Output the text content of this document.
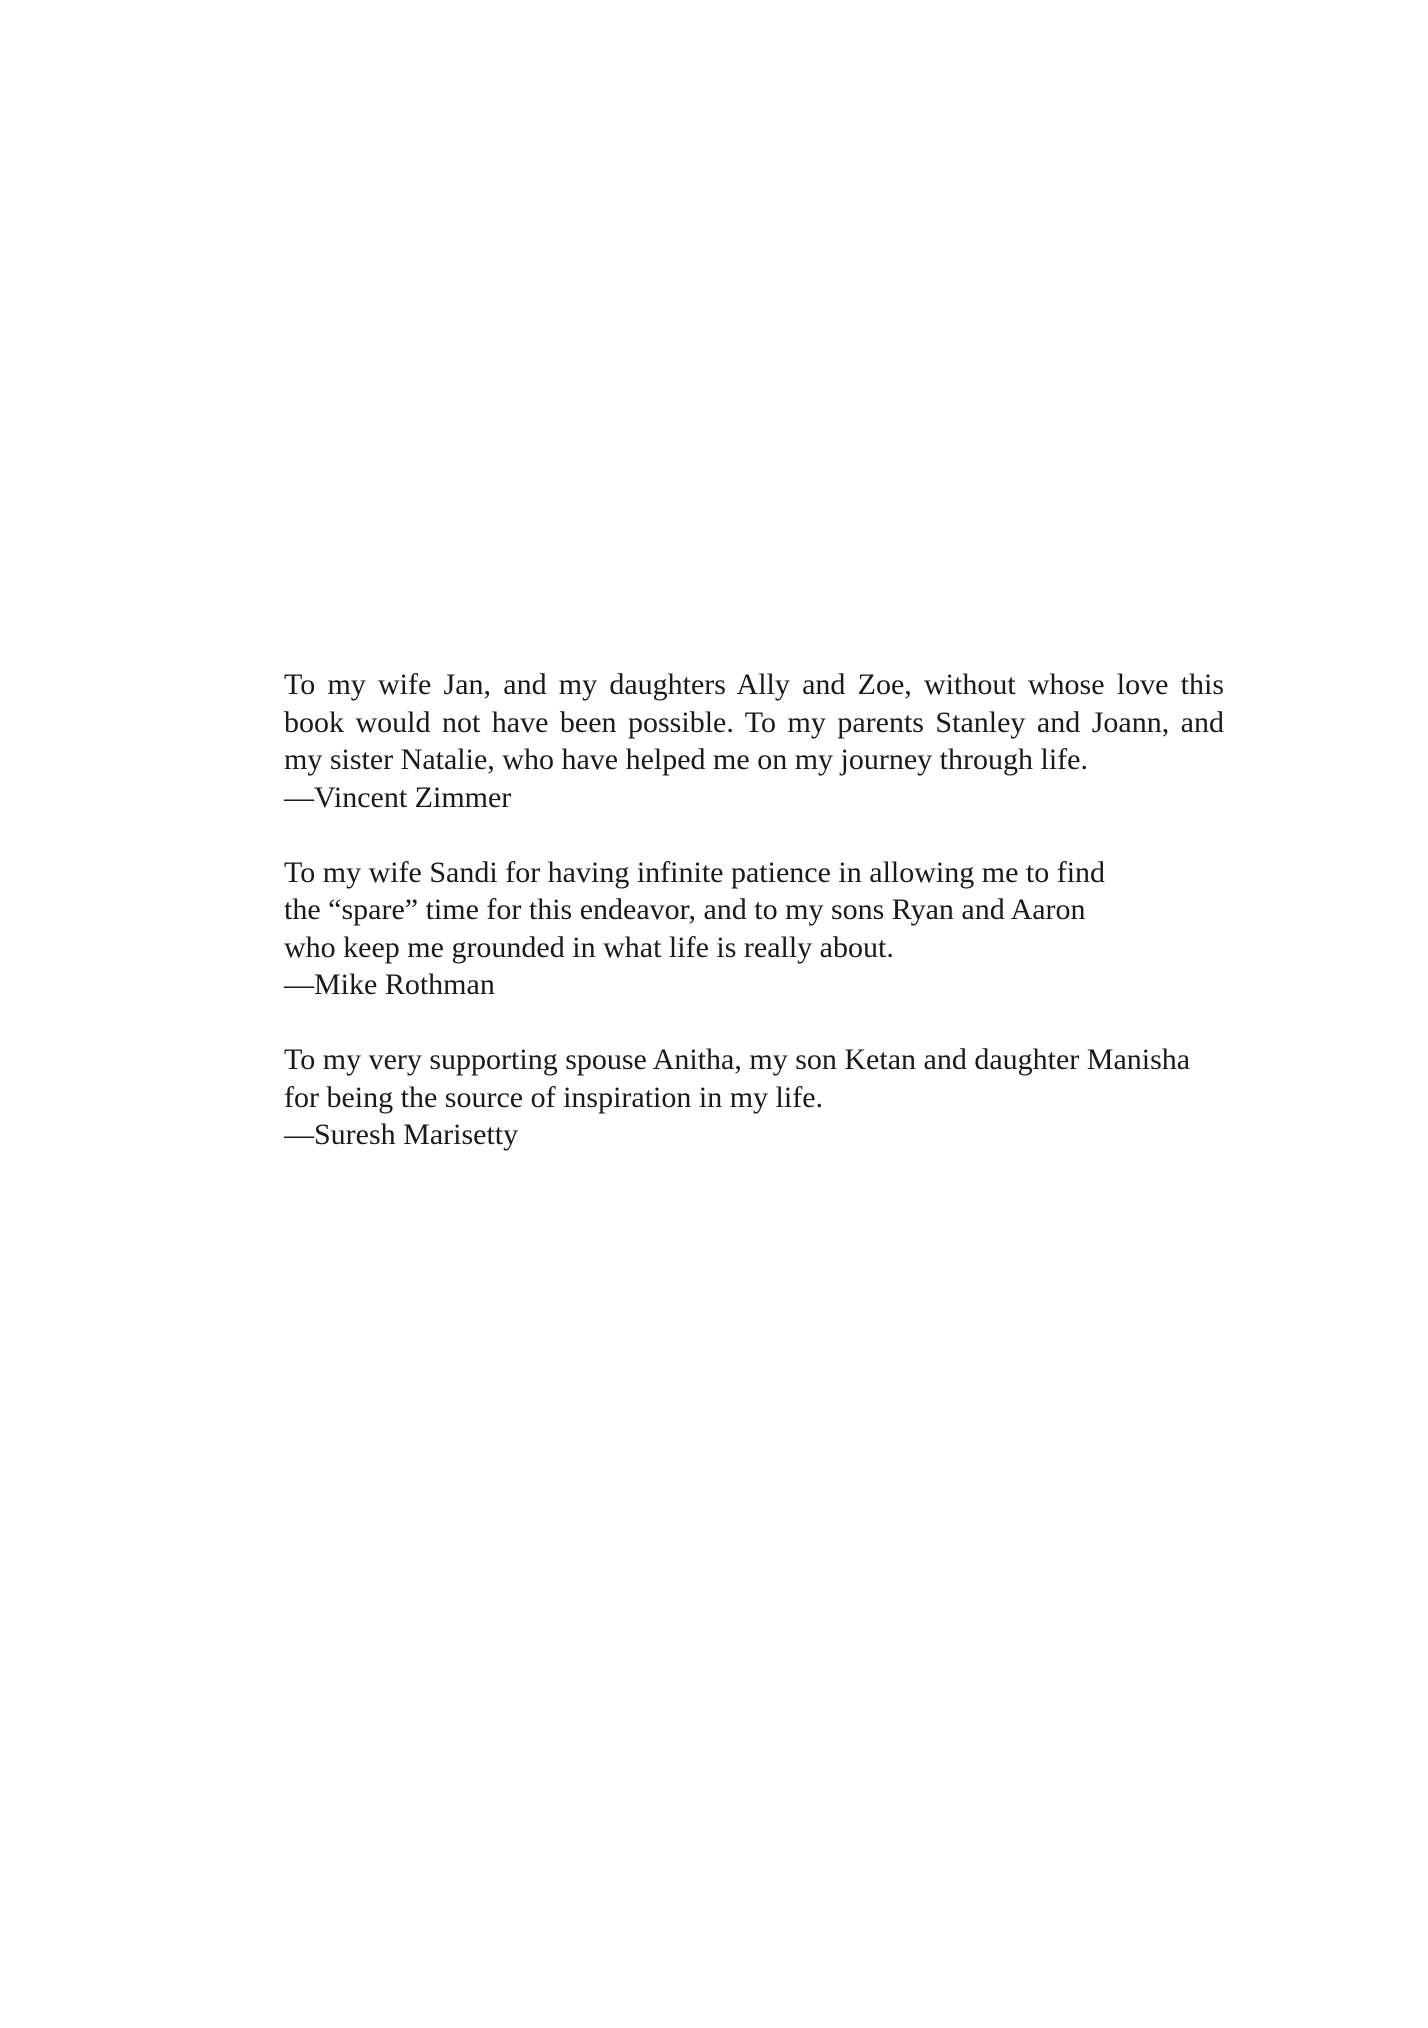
To my wife Jan, and my daughters Ally and Zoe, without whose love this
book would not have been possible. To my parents Stanley and Joann, and
my sister Natalie, who have helped me on my journey through life.
—Vincent Zimmer
To my wife Sandi for having infinite patience in allowing me to find
the “spare” time for this endeavor, and to my sons Ryan and Aaron
who keep me grounded in what life is really about.
—Mike Rothman
To my very supporting spouse Anitha, my son Ketan and daughter Manisha
for being the source of inspiration in my life.
—Suresh Marisetty
